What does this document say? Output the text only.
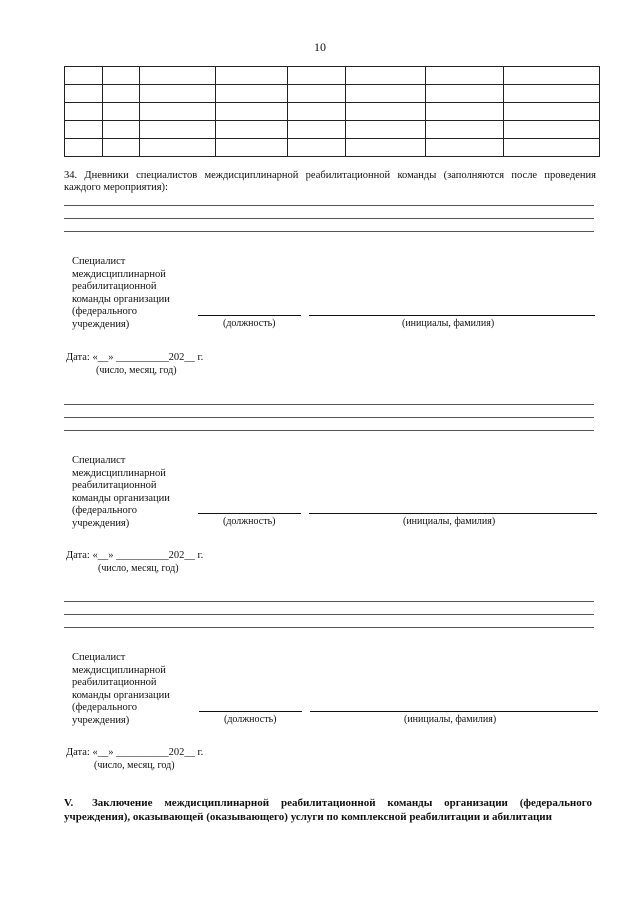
10

34. Дневники специалистов междисциплинарной реабилитационной команды (заполняются после проведения каждого мероприятия):
Специалист
междисциплинарной
реабилитационной
команды организации
(федерального
учреждения)	(должность)	(инициалы, фамилия)
Дата: «__» __________202__ г.
(число, месяц, год)
Специалист
междисциплинарной
реабилитационной
команды организации
(федерального
учреждения)	(должность)	(инициалы, фамилия)
Дата: «__» __________202__ г.
(число, месяц, год)
Специалист
междисциплинарной
реабилитационной
команды организации
(федерального
учреждения)	(должность)	(инициалы, фамилия)
Дата: «__» __________202__ г.
(число, месяц, год)
V. Заключение междисциплинарной реабилитационной команды организации (федерального учреждения), оказывающей (оказывающего) услуги по комплексной реабилитации и абилитации
